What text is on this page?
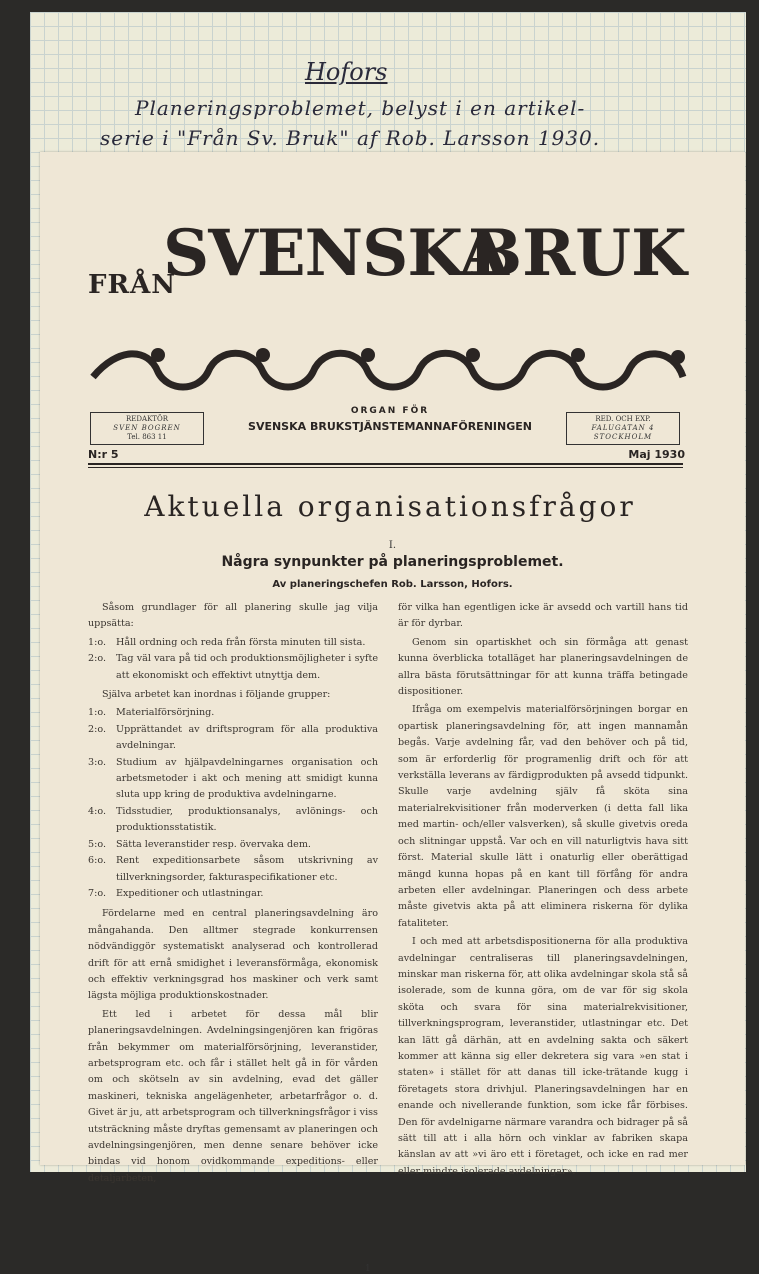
Hofors
Planeringsproblemet, belyst i en artikel-
serie i "Från Sv. Bruk" af Rob. Larsson 1930.
FRÅN
SVENSKA
BRUK
REDAKTÖR
SVEN BOGREN
Tel. 863 11
RED. OCH EXP.
FALUGATAN 4
STOCKHOLM
ORGAN FÖR
SVENSKA BRUKSTJÄNSTEMANNAFÖRENINGEN
N:r 5	Maj 1930
Aktuella organisationsfrågor
I.
Några synpunkter på planeringsproblemet.
Av planeringschefen Rob. Larsson, Hofors.

Såsom grundlager för all planering skulle jag vilja uppsätta:

1:o.	Håll ordning och reda från första minuten till sista.
2:o.	Tag väl vara på tid och produktionsmöjligheter i syfte att ekonomiskt och effektivt utnyttja dem.

Själva arbetet kan inordnas i följande grupper:

1:o.	Materialförsörjning.
2:o.	Upprättandet av driftsprogram för alla produktiva avdelningar.
3:o.	Studium av hjälpavdelningarnes organisation och arbetsmetoder i akt och mening att smidigt kunna sluta upp kring de produktiva avdelningarne.
4:o.	Tidsstudier, produktionsanalys, avlönings- och produktionsstatistik.
5:o.	Sätta leveranstider resp. övervaka dem.
6:o.	Rent expeditionsarbete såsom utskrivning av tillverkningsorder, fakturaspecifikationer etc.
7:o.	Expeditioner och utlastningar.

Fördelarne med en central planeringsavdelning äro mångahanda. Den alltmer stegrade konkurrensen nödvändiggör systematiskt analyserad och kontrollerad drift för att ernå smidighet i leveransförmåga, ekonomisk och effektiv verkningsgrad hos maskiner och verk samt lägsta möjliga produktionskostnader.

Ett led i arbetet för dessa mål blir planeringsavdelningen. Avdelningsingenjören kan frigöras från bekymmer om materialförsörjning, leveranstider, arbetsprogram etc. och får i stället helt gå in för vården om och skötseln av sin avdelning, evad det gäller maskineri, tekniska angelägenheter, arbetarfrågor o. d. Givet är ju, att arbetsprogram och tillverkningsfrågor i viss utsträckning måste dryftas gemensamt av planeringen och avdelningsingenjören, men denne senare behöver icke bindas vid honom ovidkommande expeditions- eller detaljarbeten,

för vilka han egentligen icke är avsedd och vartill hans tid är för dyrbar.

Genom sin opartiskhet och sin förmåga att genast kunna överblicka totalläget har planeringsavdelningen de allra bästa förutsättningar för att kunna träffa betingade dispositioner.

Ifråga om exempelvis materialförsörjningen borgar en opartisk planeringsavdelning för, att ingen mannamån begås. Varje avdelning får, vad den behöver och på tid, som är erforderlig för programenlig drift och för att verkställa leverans av färdigprodukten på avsedd tidpunkt. Skulle varje avdelning själv få sköta sina materialrekvisitioner från moderverken (i detta fall lika med martin- och/eller valsverken), så skulle givetvis oreda och slitningar uppstå. Var och en vill naturligtvis hava sitt först. Material skulle lätt i onaturlig eller oberättigad mängd kunna hopas på en kant till förfång för andra arbeten eller avdelningar. Planeringen och dess arbete måste givetvis akta på att eliminera riskerna för dylika fataliteter.

I och med att arbetsdispositionerna för alla produktiva avdelningar centraliseras till planeringsavdelningen, minskar man riskerna för, att olika avdelningar skola stå så isolerade, som de kunna göra, om de var för sig skola sköta och svara för sina materialrekvisitioner, tillverkningsprogram, leveranstider, utlastningar etc. Det kan lätt gå därhän, att en avdelning sakta och säkert kommer att känna sig eller dekretera sig vara »en stat i staten» i stället för att danas till icke-trätande kugg i företagets stora drivhjul. Planeringsavdelningen har en enande och nivellerande funktion, som icke får förbises. Den för avdelnigarne närmare varandra och bidrager på så sätt till att i alla hörn och vinklar av fabriken skapa känslan av att »vi äro ett i företaget, och icke en rad mer eller mindre isolerade avdelningar».

1
